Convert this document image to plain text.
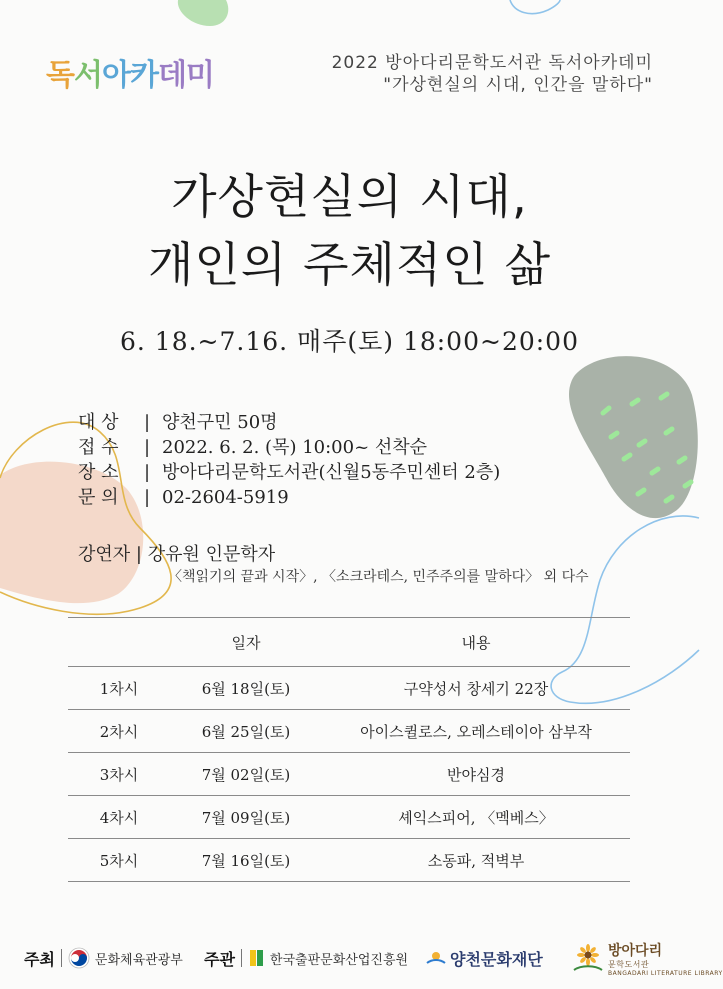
독서아카데미	2022 방아다리문학도서관 독서아카데미
"가상현실의 시대, 인간을 말하다"
가상현실의 시대,
개인의 주체적인 삶
6. 18.~7.16. 매주(토) 18:00~20:00
대 상 | 양천구민 50명
접 수 | 2022. 6. 2. (목) 10:00~ 선착순
장 소 | 방아다리문학도서관(신월5동주민센터 2층)
문 의 | 02-2604-5919
강연자 | 강유원 인문학자
〈책읽기의 끝과 시작〉, 〈소크라테스, 민주주의를 말하다〉 외 다수
	일자	내용
1차시	6월 18일(토)	구약성서 창세기 22장
2차시	6월 25일(토)	아이스퀼로스, 오레스테이아 삼부작
3차시	7월 02일(토)	반야심경
4차시	7월 09일(토)	셰익스피어, 〈멕베스〉
5차시	7월 16일(토)	소동파, 적벽부
주최	문화체육관광부 주관	한국출판문화산업진흥원	양천문화재단	방아다리
문학도서관
BANGADARI LITERATURE LIBRARY
